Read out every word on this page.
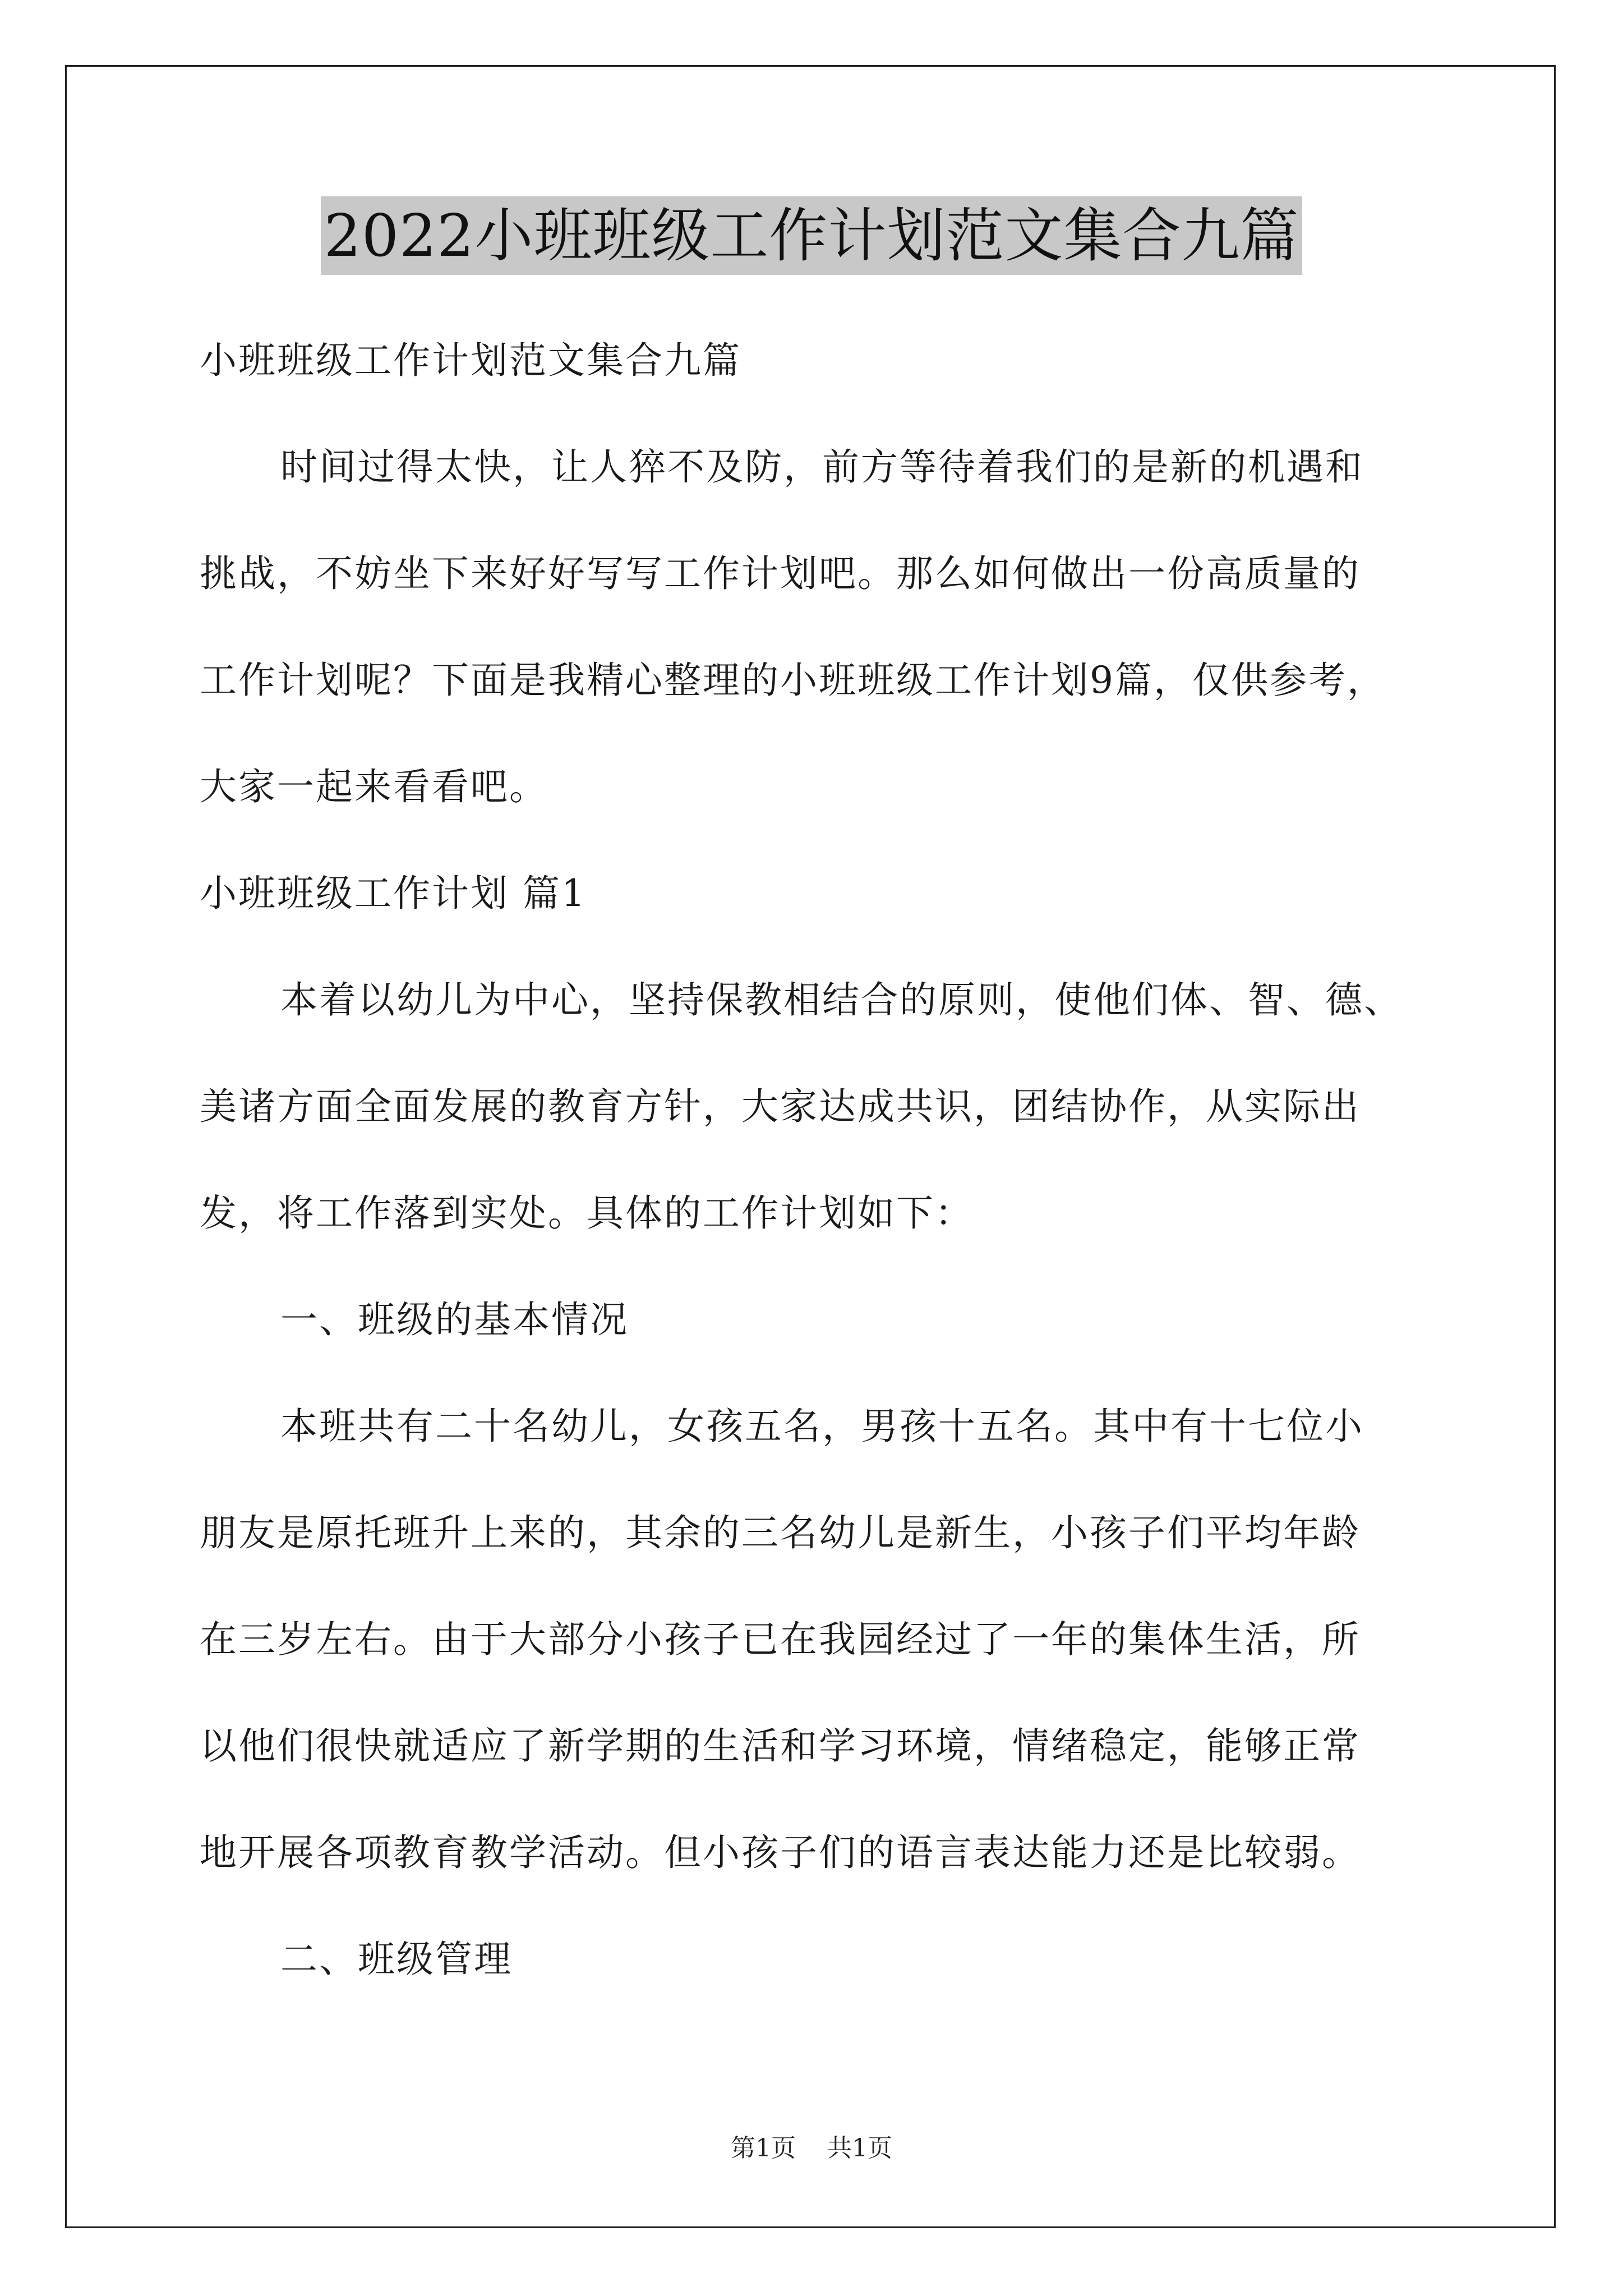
2022小班班级工作计划范文集合九篇
小班班级工作计划范文集合九篇
时间过得太快，让人猝不及防，前方等待着我们的是新的机遇和
挑战，不妨坐下来好好写写工作计划吧。那么如何做出一份高质量的
工作计划呢？下面是我精心整理的小班班级工作计划9篇，仅供参考，
大家一起来看看吧。
小班班级工作计划 篇1
本着以幼儿为中心，坚持保教相结合的原则，使他们体、智、德、
美诸方面全面发展的教育方针，大家达成共识，团结协作，从实际出
发，将工作落到实处。具体的工作计划如下：
一、班级的基本情况
本班共有二十名幼儿，女孩五名，男孩十五名。其中有十七位小
朋友是原托班升上来的，其余的三名幼儿是新生，小孩子们平均年龄
在三岁左右。由于大部分小孩子已在我园经过了一年的集体生活，所
以他们很快就适应了新学期的生活和学习环境，情绪稳定，能够正常
地开展各项教育教学活动。但小孩子们的语言表达能力还是比较弱。
二、班级管理
第1页 共1页
